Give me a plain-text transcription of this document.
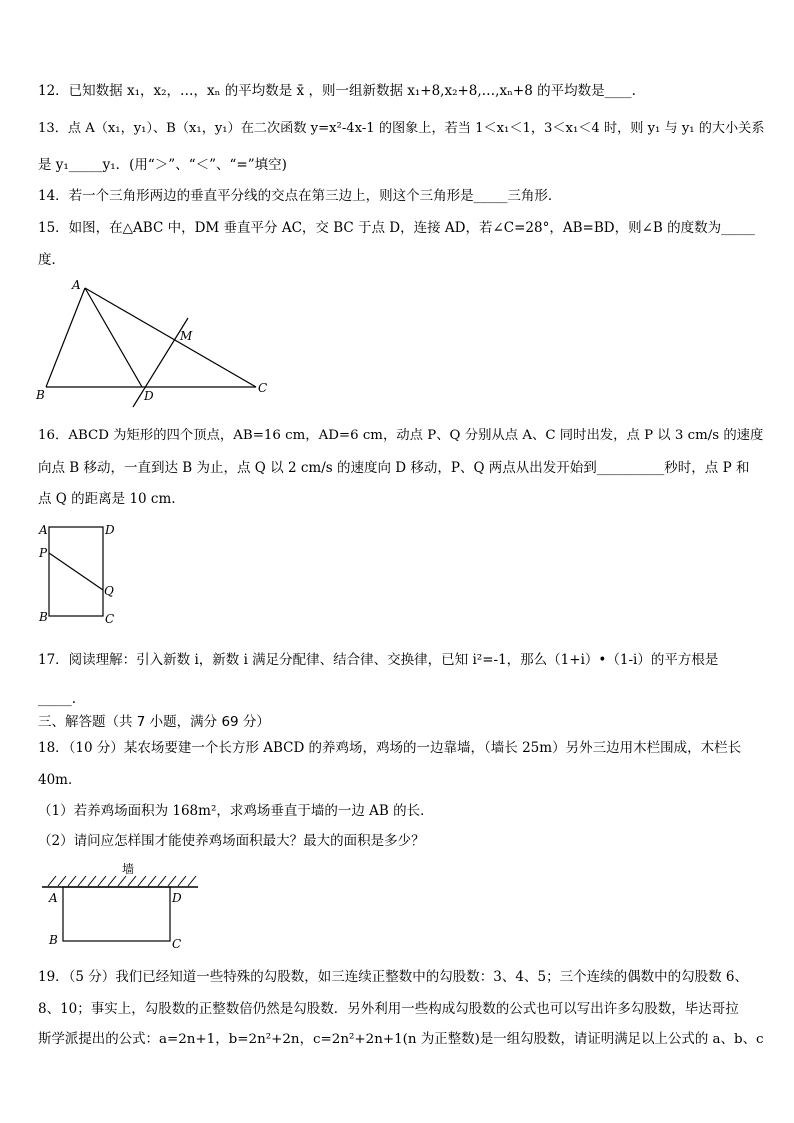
12．已知数据 x₁，x₂，…，xₙ 的平均数是 x̄ ，则一组新数据 x₁+8,x₂+8,…,xₙ+8 的平均数是____.
13．点 A（x₁，y₁）、B（x₁，y₁）在二次函数 y=x²-4x-1 的图象上，若当 1＜x₁＜1，3＜x₁＜4 时，则 y₁ 与 y₁ 的大小关系
是 y₁_____y₁．(用“＞”、“＜”、“=”填空)
14．若一个三角形两边的垂直平分线的交点在第三边上，则这个三角形是_____三角形．
15．如图，在△ABC 中，DM 垂直平分 AC，交 BC 于点 D，连接 AD，若∠C=28°，AB=BD，则∠B 的度数为_____
度．
A
B	C
D
M
16．ABCD 为矩形的四个顶点，AB=16 cm，AD=6 cm，动点 P、Q 分别从点 A、C 同时出发，点 P 以 3 cm/s 的速度
向点 B 移动，一直到达 B 为止，点 Q 以 2 cm/s 的速度向 D 移动，P、Q 两点从出发开始到__________秒时，点 P 和
点 Q 的距离是 10 cm.
A	D
P
Q
B	C
17．阅读理解：引入新数 i，新数 i 满足分配律、结合律、交换律，已知 i²=-1，那么（1+i）•（1-i）的平方根是
_____.
三、解答题（共 7 小题，满分 69 分）
18．（10 分）某农场要建一个长方形 ABCD 的养鸡场，鸡场的一边靠墙，（墙长 25m）另外三边用木栏围成，木栏长
40m．
（1）若养鸡场面积为 168m²，求鸡场垂直于墙的一边 AB 的长．
（2）请问应怎样围才能使养鸡场面积最大？最大的面积是多少？
墙
A	D
B	C
19．（5 分）我们已经知道一些特殊的勾股数，如三连续正整数中的勾股数：3、4、5；三个连续的偶数中的勾股数 6、
8、10；事实上，勾股数的正整数倍仍然是勾股数．另外利用一些构成勾股数的公式也可以写出许多勾股数，毕达哥拉
斯学派提出的公式：a=2n+1，b=2n²+2n，c=2n²+2n+1(n 为正整数)是一组勾股数，请证明满足以上公式的 a、b、c
